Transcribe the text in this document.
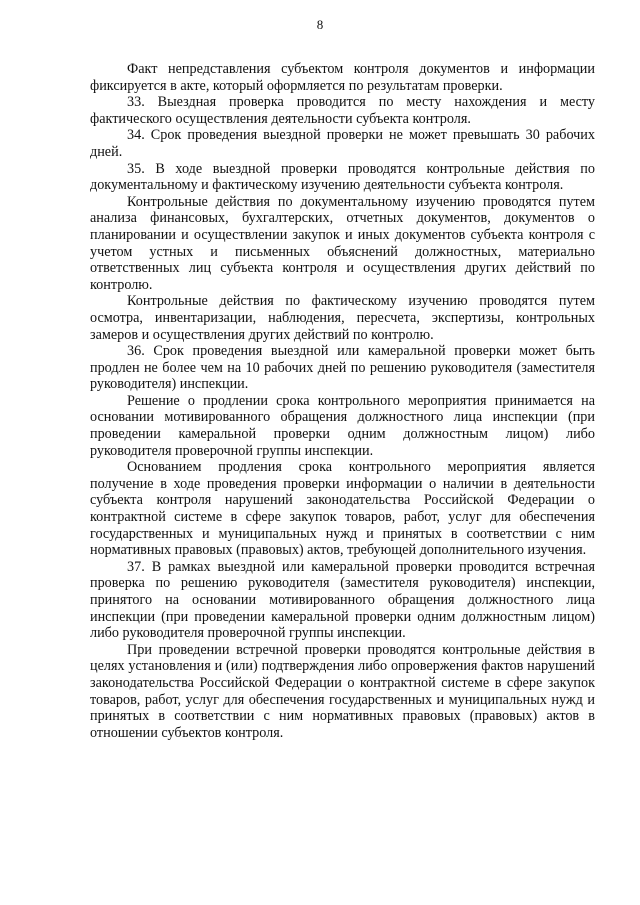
8

Факт непредставления субъектом контроля документов и информации фиксируется в акте, который оформляется по результатам проверки.

33. Выездная проверка проводится по месту нахождения и месту фактического осуществления деятельности субъекта контроля.

34. Срок проведения выездной проверки не может превышать 30 рабочих дней.

35. В ходе выездной проверки проводятся контрольные действия по документальному и фактическому изучению деятельности субъекта контроля.

Контрольные действия по документальному изучению проводятся путем анализа финансовых, бухгалтерских, отчетных документов, документов о планировании и осуществлении закупок и иных документов субъекта контроля с учетом устных и письменных объяснений должностных, материально ответственных лиц субъекта контроля и осуществления других действий по контролю.

Контрольные действия по фактическому изучению проводятся путем осмотра, инвентаризации, наблюдения, пересчета, экспертизы, контрольных замеров и осуществления других действий по контролю.

36. Срок проведения выездной или камеральной проверки может быть продлен не более чем на 10 рабочих дней по решению руководителя (заместителя руководителя) инспекции.

Решение о продлении срока контрольного мероприятия принимается на основании мотивированного обращения должностного лица инспекции (при проведении камеральной проверки одним должностным лицом) либо руководителя проверочной группы инспекции.

Основанием продления срока контрольного мероприятия является получение в ходе проведения проверки информации о наличии в деятельности субъекта контроля нарушений законодательства Российской Федерации о контрактной системе в сфере закупок товаров, работ, услуг для обеспечения государственных и муниципальных нужд и принятых в соответствии с ним нормативных правовых (правовых) актов, требующей дополнительного изучения.

37. В рамках выездной или камеральной проверки проводится встречная проверка по решению руководителя (заместителя руководителя) инспекции, принятого на основании мотивированного обращения должностного лица инспекции (при проведении камеральной проверки одним должностным лицом) либо руководителя проверочной группы инспекции.

При проведении встречной проверки проводятся контрольные действия в целях установления и (или) подтверждения либо опровержения фактов нарушений законодательства Российской Федерации о контрактной системе в сфере закупок товаров, работ, услуг для обеспечения государственных и муниципальных нужд и принятых в соответствии с ним нормативных правовых (правовых) актов в отношении субъектов контроля.
